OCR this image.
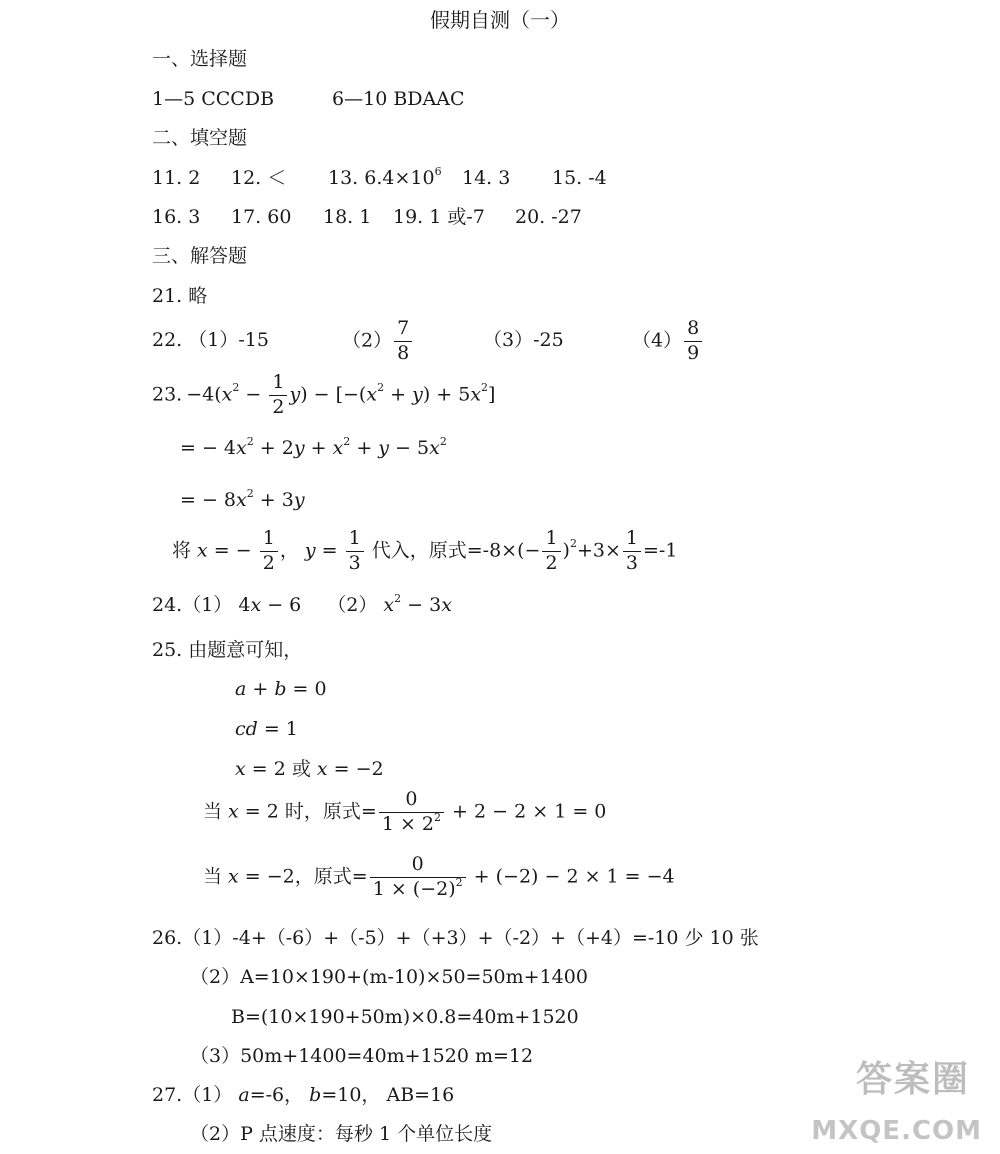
假期自测（一）
一、选择题
1—5 CCCDB	6—10 BDAAC
二、填空题
11. 2 12. ＜ 13. $6.4\times 10^6$ 14. 3 15. -4
16. 3 17. 60 18. 1 19. 1 或-7 20. -27
三、解答题
21. 略
22. （1）-15	$(2) \frac{7}{8}$	（3）-25	$(4) \frac{8}{9}$
23. $-4(x^2 - \frac{1}{2} y) - [-(x^2 + y) + 5x^2]$
= − $4x^2 + 2y + x^2 + y - 5x^2$
= − $8x^2 + 3y$
将 x = − $\frac{1}{2}$ ， $y = \frac{1}{3}$ 代入，原式$=-8\times(- \frac{1}{2} )^2+3\times \frac{1}{3} =-1$
24.（1） 4x − 6 （2） $x^2 - 3x$
25. 由题意可知，
a + b = 0
cd = 1
x = 2 或 x = −2
当 x = 2 时，原式= $\frac{0}{1 \times 2^2} + 2 - 2 \times 1 = 0$
当 x = −2，原式= $\frac{0}{1 \times (-2)^2} + (-2) - 2 \times 1 = -4$
26.（1）-4+（-6）+（-5）+（+3）+（-2）+（+4）=-10 少 10 张
（2）A=10×190+(m-10)×50=50m+1400
B=(10×190+50m)×0.8=40m+1520
（3）50m+1400=40m+1520 m=12
27.（1） a=-6， b=10， AB=16
（2）P 点速度：每秒 1 个单位长度
答案圈
MXQE.COM
